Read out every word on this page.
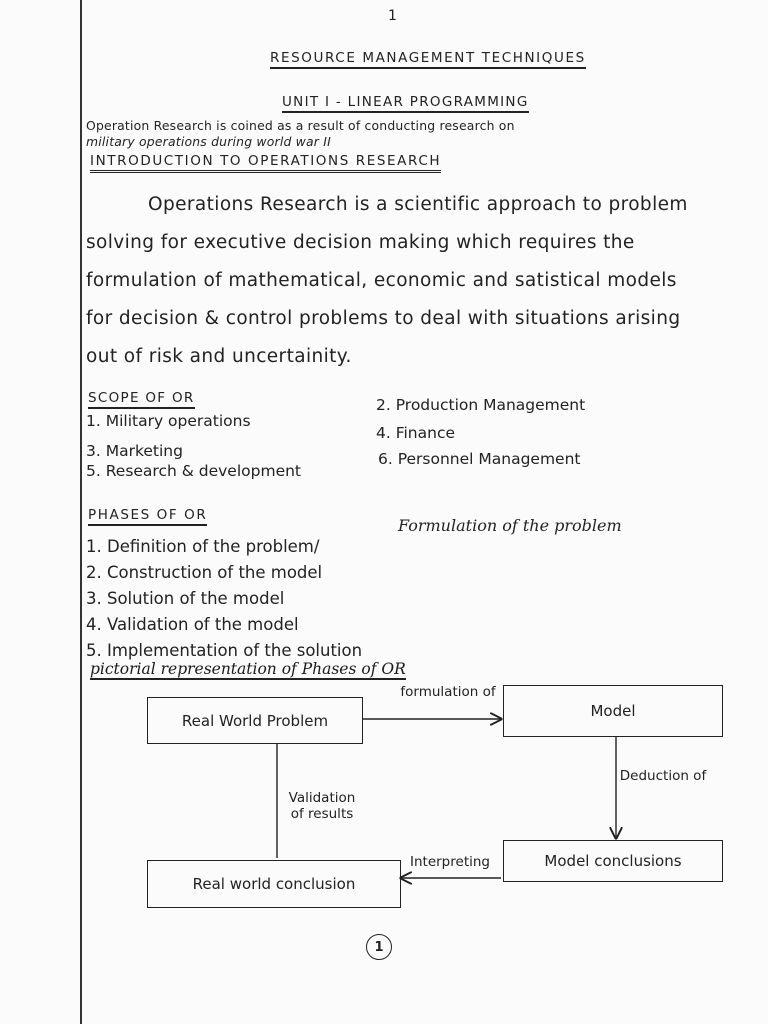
1
RESOURCE MANAGEMENT TECHNIQUES
UNIT I - LINEAR PROGRAMMING
Operation Research is coined as a result of conducting research on
military operations during world war II
INTRODUCTION TO OPERATIONS RESEARCH
Operations Research is a scientific approach to problem solving for executive decision making which requires the formulation of mathematical, economic and satistical models for decision & control problems to deal with situations arising out of risk and uncertainity.
SCOPE OF OR
1. Military operations
2. Production Management
3. Marketing
4. Finance
5. Research & development
6. Personnel Management
PHASES OF OR
1. Definition of the problem/
Formulation of the problem
2. Construction of the model
3. Solution of the model
4. Validation of the model
5. Implementation of the solution
pictorial representation of Phases of OR
Real World Problem
Model
Model conclusions
Real world conclusion
formulation of
Deduction of
Interpreting
Validation of results
1
